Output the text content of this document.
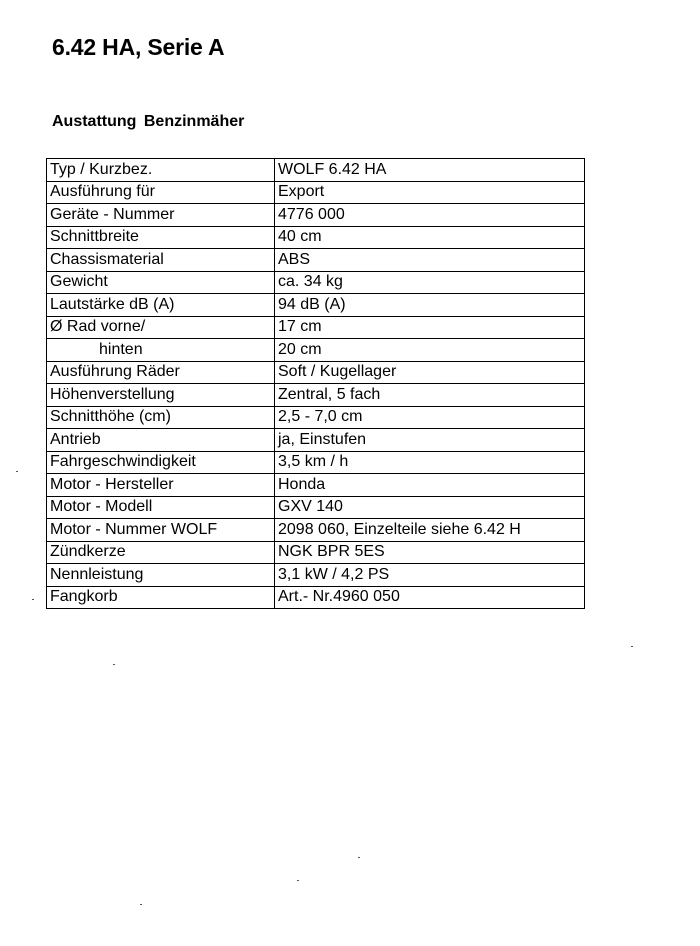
6.42 HA, Serie A
Austattung Benzinmäher
Typ / Kurzbez.	WOLF 6.42 HA
Ausführung für	Export
Geräte - Nummer	4776 000
Schnittbreite	40 cm
Chassismaterial	ABS
Gewicht	ca. 34 kg
Lautstärke dB (A)	94 dB (A)
Ø Rad vorne/	17 cm
hinten	20 cm
Ausführung Räder	Soft / Kugellager
Höhenverstellung	Zentral, 5 fach
Schnitthöhe (cm)	2,5 - 7,0 cm
Antrieb	ja, Einstufen
Fahrgeschwindigkeit	3,5 km / h
Motor - Hersteller	Honda
Motor - Modell	GXV 140
Motor - Nummer WOLF	2098 060, Einzelteile siehe 6.42 H
Zündkerze	NGK BPR 5ES
Nennleistung	3,1 kW / 4,2 PS
Fangkorb	Art.- Nr.4960 050
